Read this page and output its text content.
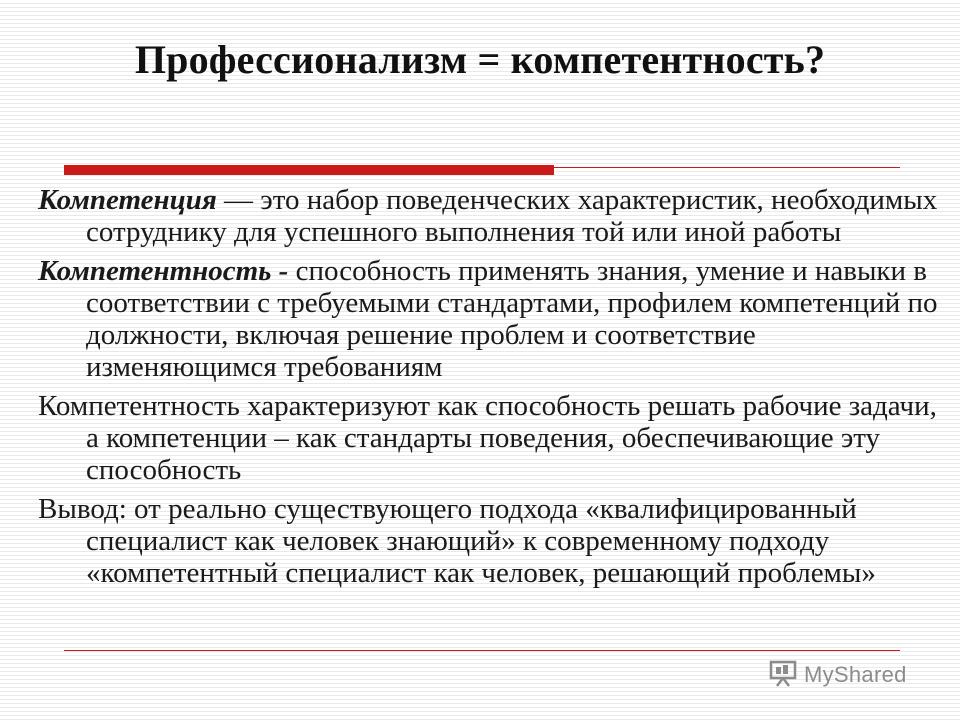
Профессионализм = компетентность?

Компетенция — это набор поведенческих характеристик, необходимых сотруднику для успешного выполнения той или иной работы

Компетентность - способность применять знания, умение и навыки в соответствии с требуемыми стандартами, профилем компетенций по должности, включая решение проблем и соответствие изменяющимся требованиям

Компетентность характеризуют как способность решать рабочие задачи, а компетенции – как стандарты поведения, обеспечивающие эту способность

Вывод: от реально существующего подхода «квалифицированный специалист как человек знающий» к современному подходу «компетентный специалист как человек, решающий проблемы»

MyShared
